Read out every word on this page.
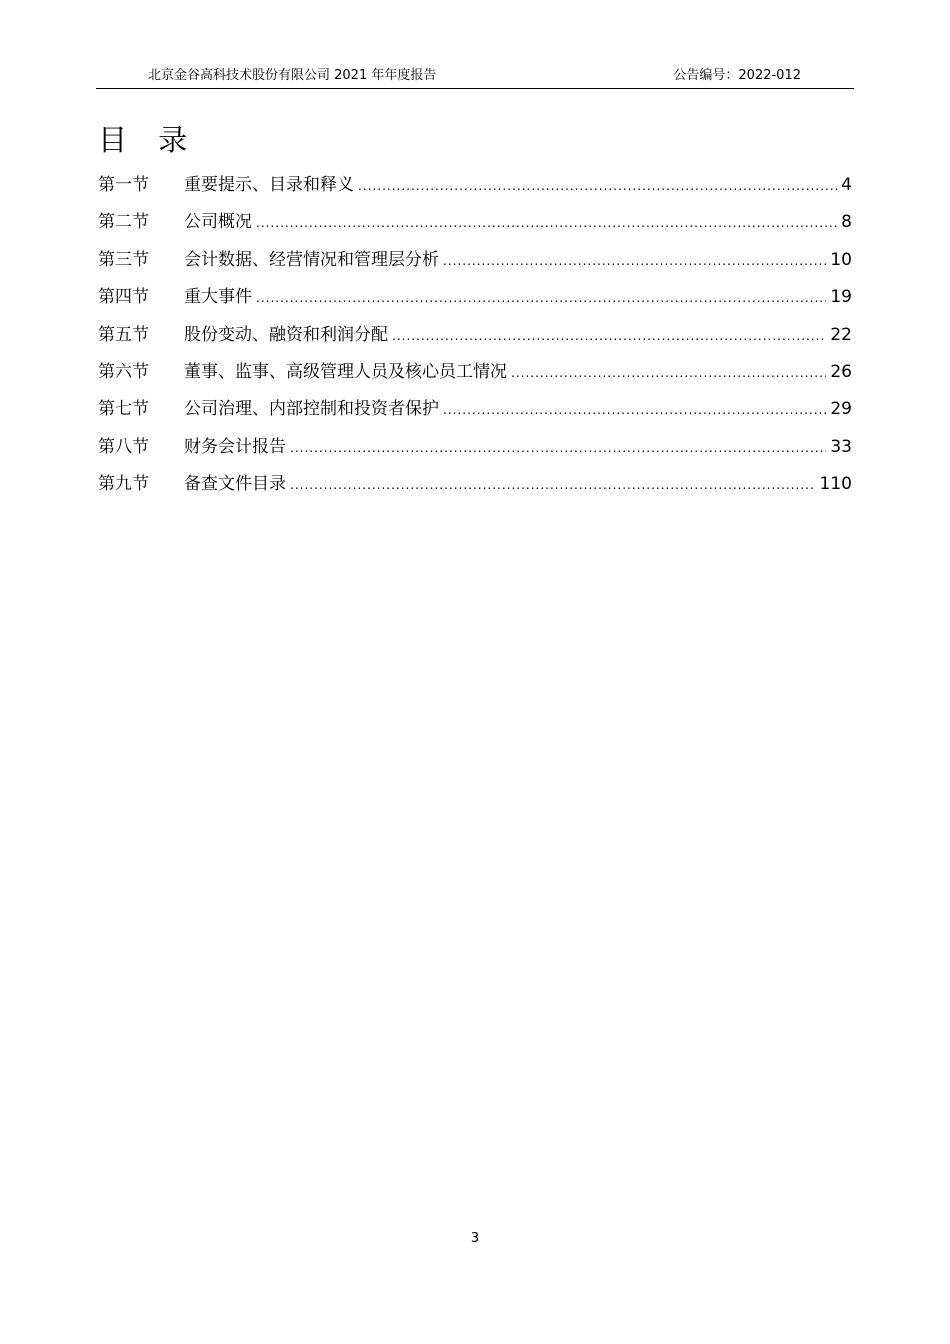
北京金谷高科技术股份有限公司 2021 年年度报告	公告编号：2022-012
目 录
第一节	重要提示、目录和释义 .....	4
第二节	公司概况 .....	8
第三节	会计数据、经营情况和管理层分析 .....	10
第四节	重大事件 .....	19
第五节	股份变动、融资和利润分配 .....	22
第六节	董事、监事、高级管理人员及核心员工情况 .....	26
第七节	公司治理、内部控制和投资者保护 .....	29
第八节	财务会计报告 .....	33
第九节	备查文件目录 .....	110
3
